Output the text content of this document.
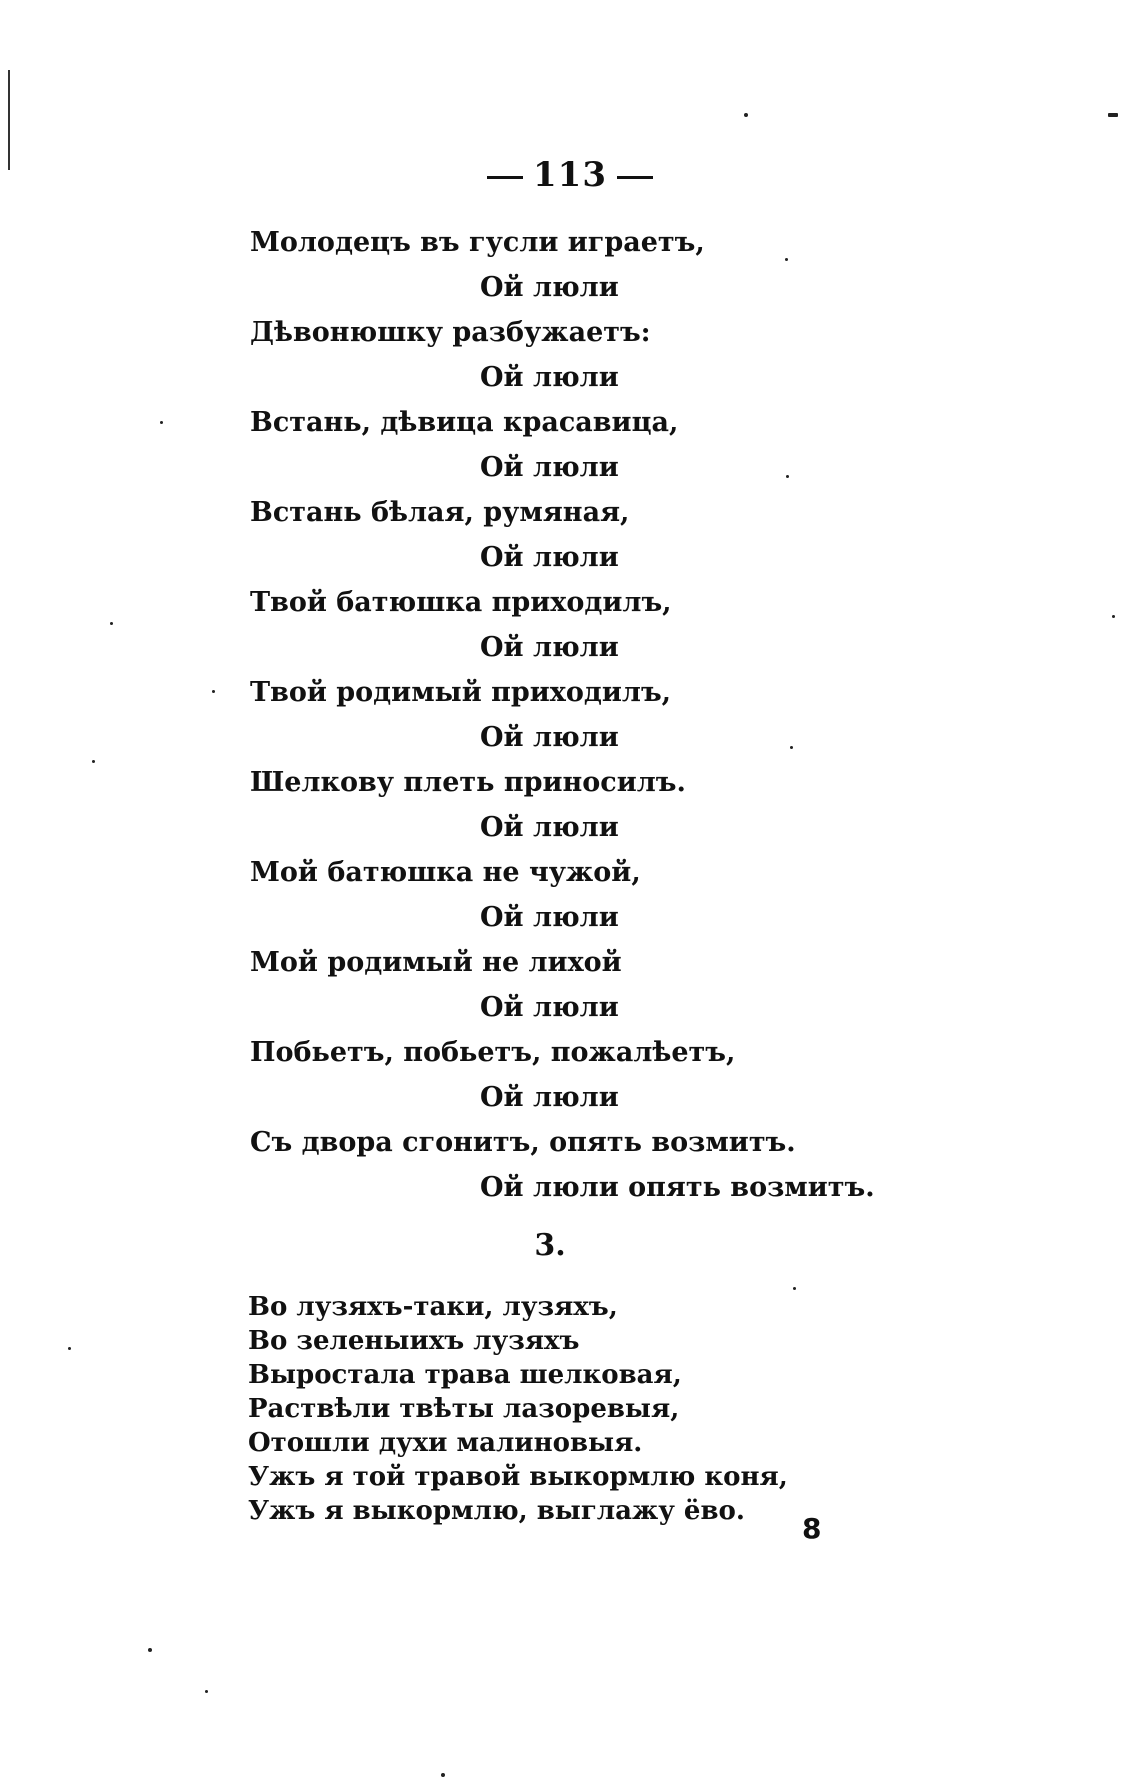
113
Молодецъ въ гусли играетъ,
Ой люли
Дѣвонюшку разбужаетъ:
Ой люли
Встань, дѣвица красавица,
Ой люли
Встань бѣлая, румяная,
Ой люли
Твой батюшка приходилъ,
Ой люли
Твой родимый приходилъ,
Ой люли
Шелкову плеть приносилъ.
Ой люли
Мой батюшка не чужой,
Ой люли
Мой родимый не лихой
Ой люли
Побьетъ, побьетъ, пожалѣетъ,
Ой люли
Съ двора сгонитъ, опять возмитъ.
Ой люли опять возмитъ.
3.
Во лузяхъ-таки, лузяхъ,
Во зеленыихъ лузяхъ
Выростала трава шелковая,
Раствѣли твѣты лазоревыя,
Отошли духи малиновыя.
Ужъ я той травой выкормлю коня,
Ужъ я выкормлю, выглажу ёво.
8
